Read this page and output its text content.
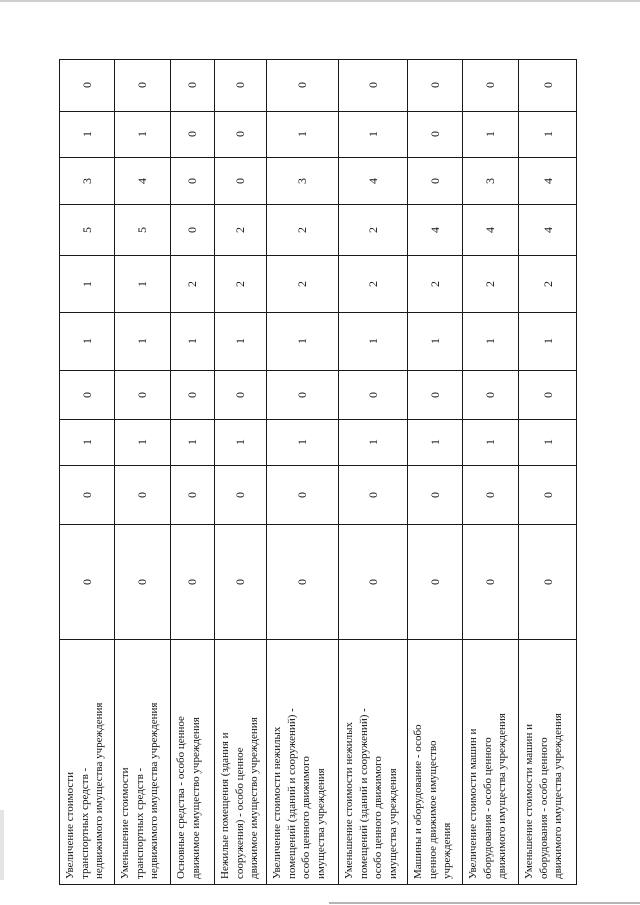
Увеличение стоимости транспортных средств - недвижимого имущества учреждения
0
1
3
5
1
1
0
1
0
0
Уменьшение стоимости транспортных средств - недвижимого имущества учреждения
0
1
4
5
1
1
0
1
0
0
Основные средства - особо ценное движимое имущество учреждения
0
0
0
0
2
1
0
1
0
0
Нежилые помещения (здания и сооружения) - особо ценное движимое имущество учреждения
0
0
0
2
2
1
0
1
0
0
Увеличение стоимости нежилых помещений (зданий и сооружений) - особо ценного движимого имущества учреждения
0
1
3
2
2
1
0
1
0
0
Уменьшение стоимости нежилых помещений (зданий и сооружений) - особо ценного движимого имущества учреждения
0
1
4
2
2
1
0
1
0
0
Машины и оборудование - особо ценное движимое имущество учреждения
0
0
0
4
2
1
0
1
0
0
Увеличение стоимости машин и оборудования - особо ценного движимого имущества учреждения
0
1
3
4
2
1
0
1
0
0
Уменьшение стоимости машин и оборудования - особо ценного движимого имущества учреждения
0
1
4
4
2
1
0
1
0
0
